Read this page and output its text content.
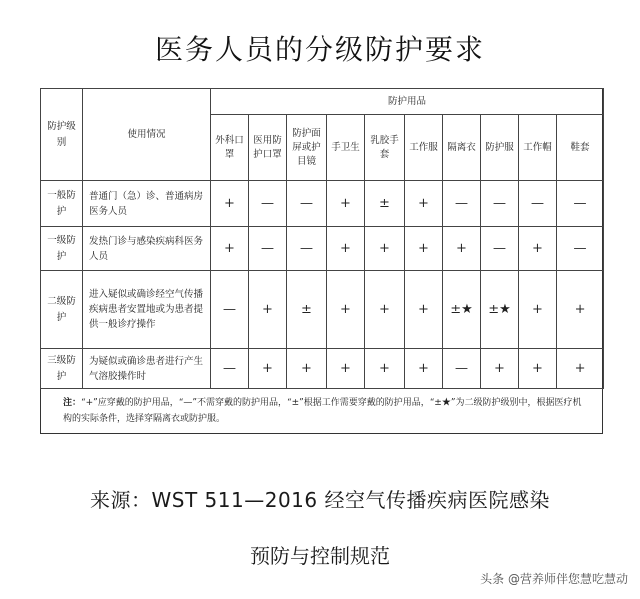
医务人员的分级防护要求
防护级别	使用情况	防护用品									
		外科口罩	医用防护口罩	防护面屏或护目镜	手卫生	乳胶手套	工作服	隔离衣	防护服	工作帽	鞋套
一般防护	普通门（急）诊、普通病房医务人员	+	—	—	+	±	+	—	—	—	—
一级防护	发热门诊与感染疾病科医务人员	+	—	—	+	+	+	+	—	+	—
二级防护	进入疑似或确诊经空气传播疾病患者安置地或为患者提供一般诊疗操作	—	+	±	+	+	+	±★	±★	+	+
三级防护	为疑似或确诊患者进行产生气溶胶操作时	—	+	+	+	+	+	—	+	+	+
注：“+”应穿戴的防护用品，“—”不需穿戴的防护用品，“±”根据工作需要穿戴的防护用品，“±★”为二级防护级别中，根据医疗机构的实际条件，选择穿隔离衣或防护服。
来源：WST 511—2016 经空气传播疾病医院感染
预防与控制规范
头条 @营养师伴您慧吃慧动
